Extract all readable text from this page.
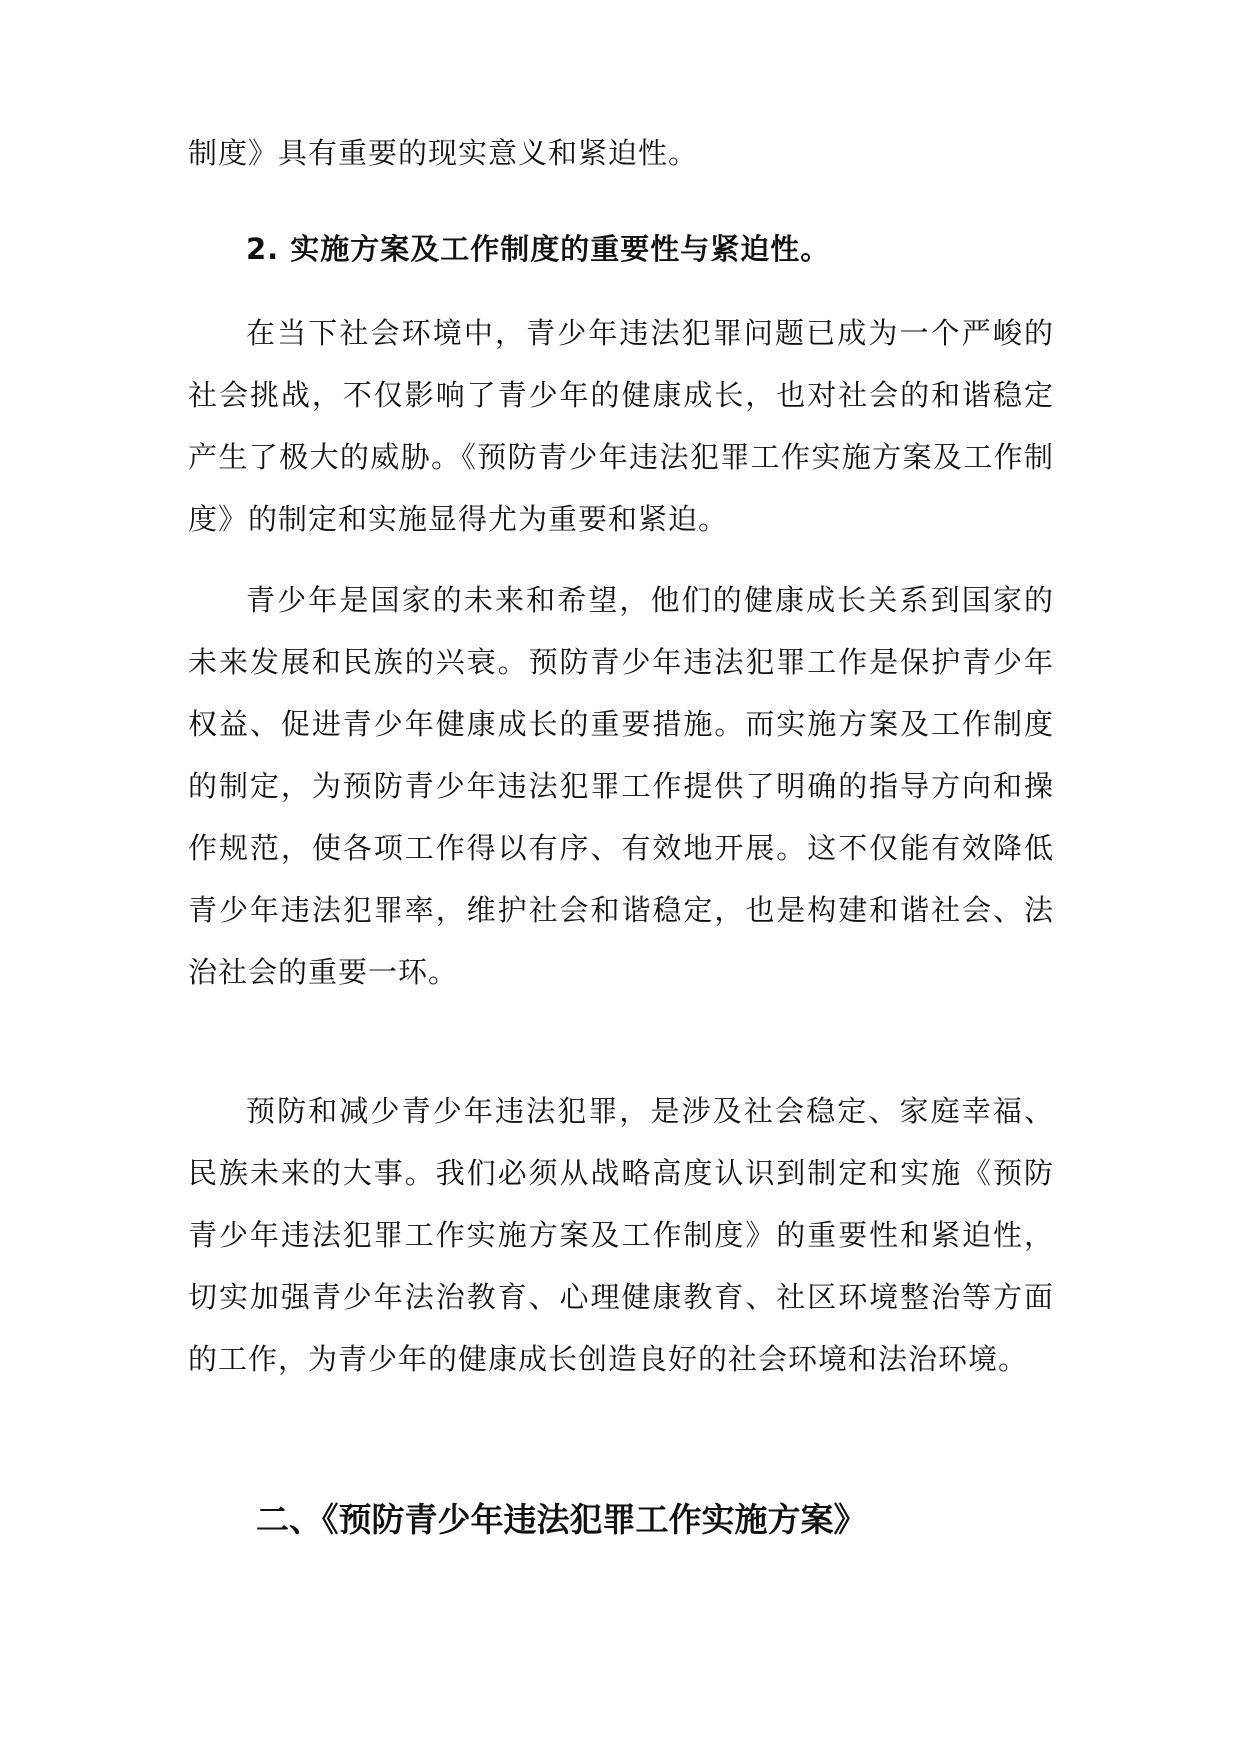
制度》具有重要的现实意义和紧迫性。

2. 实施方案及工作制度的重要性与紧迫性。

在当下社会环境中，青少年违法犯罪问题已成为一个严峻的社会挑战，不仅影响了青少年的健康成长，也对社会的和谐稳定产生了极大的威胁。《预防青少年违法犯罪工作实施方案及工作制度》的制定和实施显得尤为重要和紧迫。

青少年是国家的未来和希望，他们的健康成长关系到国家的未来发展和民族的兴衰。预防青少年违法犯罪工作是保护青少年权益、促进青少年健康成长的重要措施。而实施方案及工作制度的制定，为预防青少年违法犯罪工作提供了明确的指导方向和操作规范，使各项工作得以有序、有效地开展。这不仅能有效降低青少年违法犯罪率，维护社会和谐稳定，也是构建和谐社会、法治社会的重要一环。

预防和减少青少年违法犯罪，是涉及社会稳定、家庭幸福、民族未来的大事。我们必须从战略高度认识到制定和实施《预防青少年违法犯罪工作实施方案及工作制度》的重要性和紧迫性，切实加强青少年法治教育、心理健康教育、社区环境整治等方面的工作，为青少年的健康成长创造良好的社会环境和法治环境。

二、《预防青少年违法犯罪工作实施方案》
